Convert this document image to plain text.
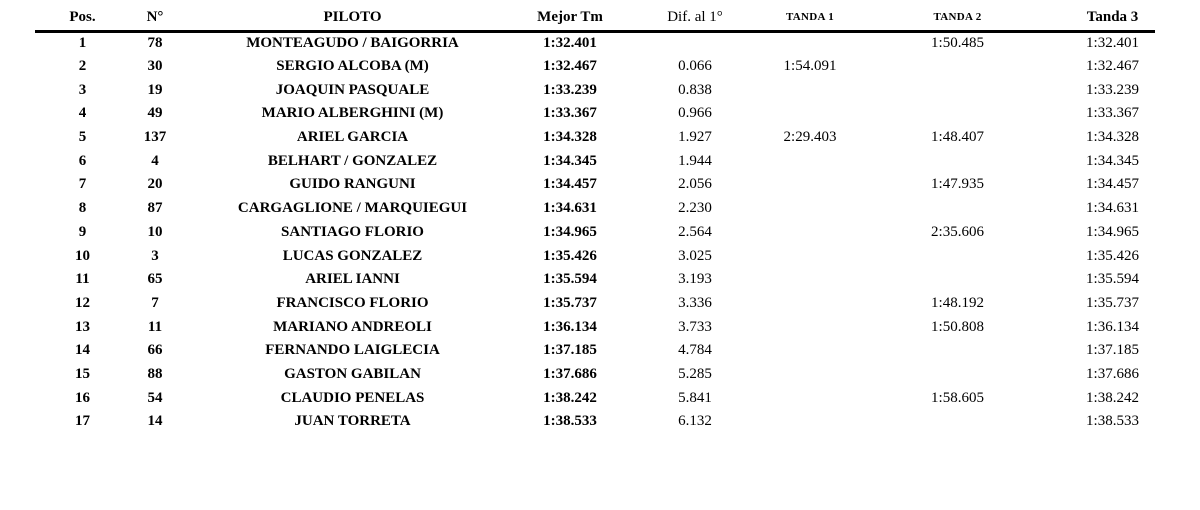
Pos.	N°	PILOTO	Mejor Tm	Dif. al 1°	TANDA 1	TANDA 2	Tanda 3
1	78	MONTEAGUDO / BAIGORRIA	1:32.401			1:50.485	1:32.401
2	30	SERGIO ALCOBA (M)	1:32.467	0.066	1:54.091		1:32.467
3	19	JOAQUIN PASQUALE	1:33.239	0.838			1:33.239
4	49	MARIO ALBERGHINI (M)	1:33.367	0.966			1:33.367
5	137	ARIEL GARCIA	1:34.328	1.927	2:29.403	1:48.407	1:34.328
6	4	BELHART / GONZALEZ	1:34.345	1.944			1:34.345
7	20	GUIDO RANGUNI	1:34.457	2.056		1:47.935	1:34.457
8	87	CARGAGLIONE / MARQUIEGUI	1:34.631	2.230			1:34.631
9	10	SANTIAGO FLORIO	1:34.965	2.564		2:35.606	1:34.965
10	3	LUCAS GONZALEZ	1:35.426	3.025			1:35.426
11	65	ARIEL IANNI	1:35.594	3.193			1:35.594
12	7	FRANCISCO FLORIO	1:35.737	3.336		1:48.192	1:35.737
13	11	MARIANO ANDREOLI	1:36.134	3.733		1:50.808	1:36.134
14	66	FERNANDO LAIGLECIA	1:37.185	4.784			1:37.185
15	88	GASTON GABILAN	1:37.686	5.285			1:37.686
16	54	CLAUDIO PENELAS	1:38.242	5.841		1:58.605	1:38.242
17	14	JUAN TORRETA	1:38.533	6.132			1:38.533
